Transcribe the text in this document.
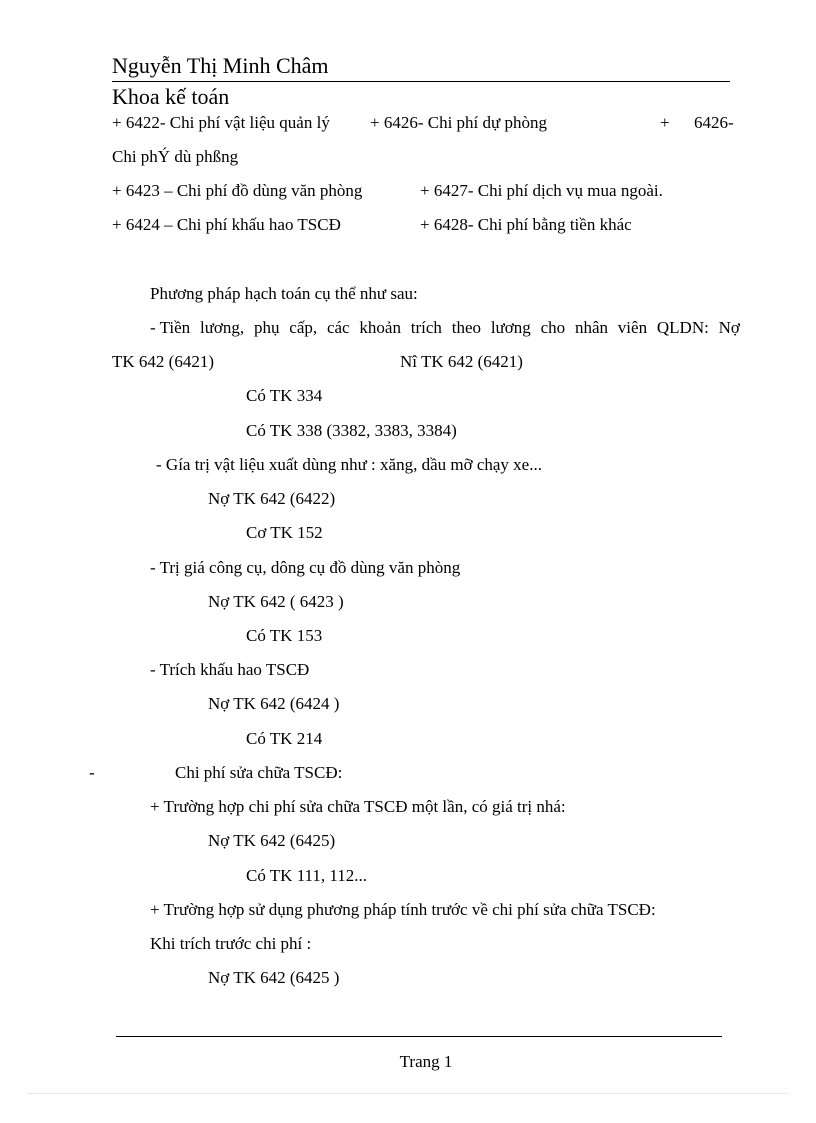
Nguyễn Thị Minh Châm
Khoa kế toán
+ 6422- Chi phí vật liệu quản lý + 6426- Chi phí dự phòng	+ 6426-
Chi phÝ dù phßng
+ 6423 – Chi phí đồ dùng văn phòng	+ 6427- Chi phí dịch vụ mua ngoài.
+ 6424 – Chi phí khấu hao TSCĐ	+ 6428- Chi phí bằng tiền khác
Phương pháp hạch toán cụ thể như sau:
- Tiền lương, phụ cấp, các khoản trích theo lương cho nhân viên QLDN: Nợ
TK 642 (6421)	Nî TK 642 (6421)
Có TK 334
Có TK 338 (3382, 3383, 3384)
- Gía trị vật liệu xuất dùng như : xăng, dầu mỡ chạy xe...
Nợ TK 642 (6422)
Cơ TK 152
- Trị giá công cụ, dông cụ đồ dùng văn phòng
Nợ TK 642 ( 6423 )
Có TK 153
- Trích khấu hao TSCĐ
Nợ TK 642 (6424 )
Có TK 214
-	Chi phí sửa chữa TSCĐ:
+ Trường hợp chi phí sửa chữa TSCĐ một lần, có giá trị nhá:
Nợ TK 642 (6425)
Có TK 111, 112...
+ Trường hợp sử dụng phương pháp tính trước về chi phí sửa chữa TSCĐ:
Khi trích trước chi phí :
Nợ TK 642 (6425 )
Trang 1
